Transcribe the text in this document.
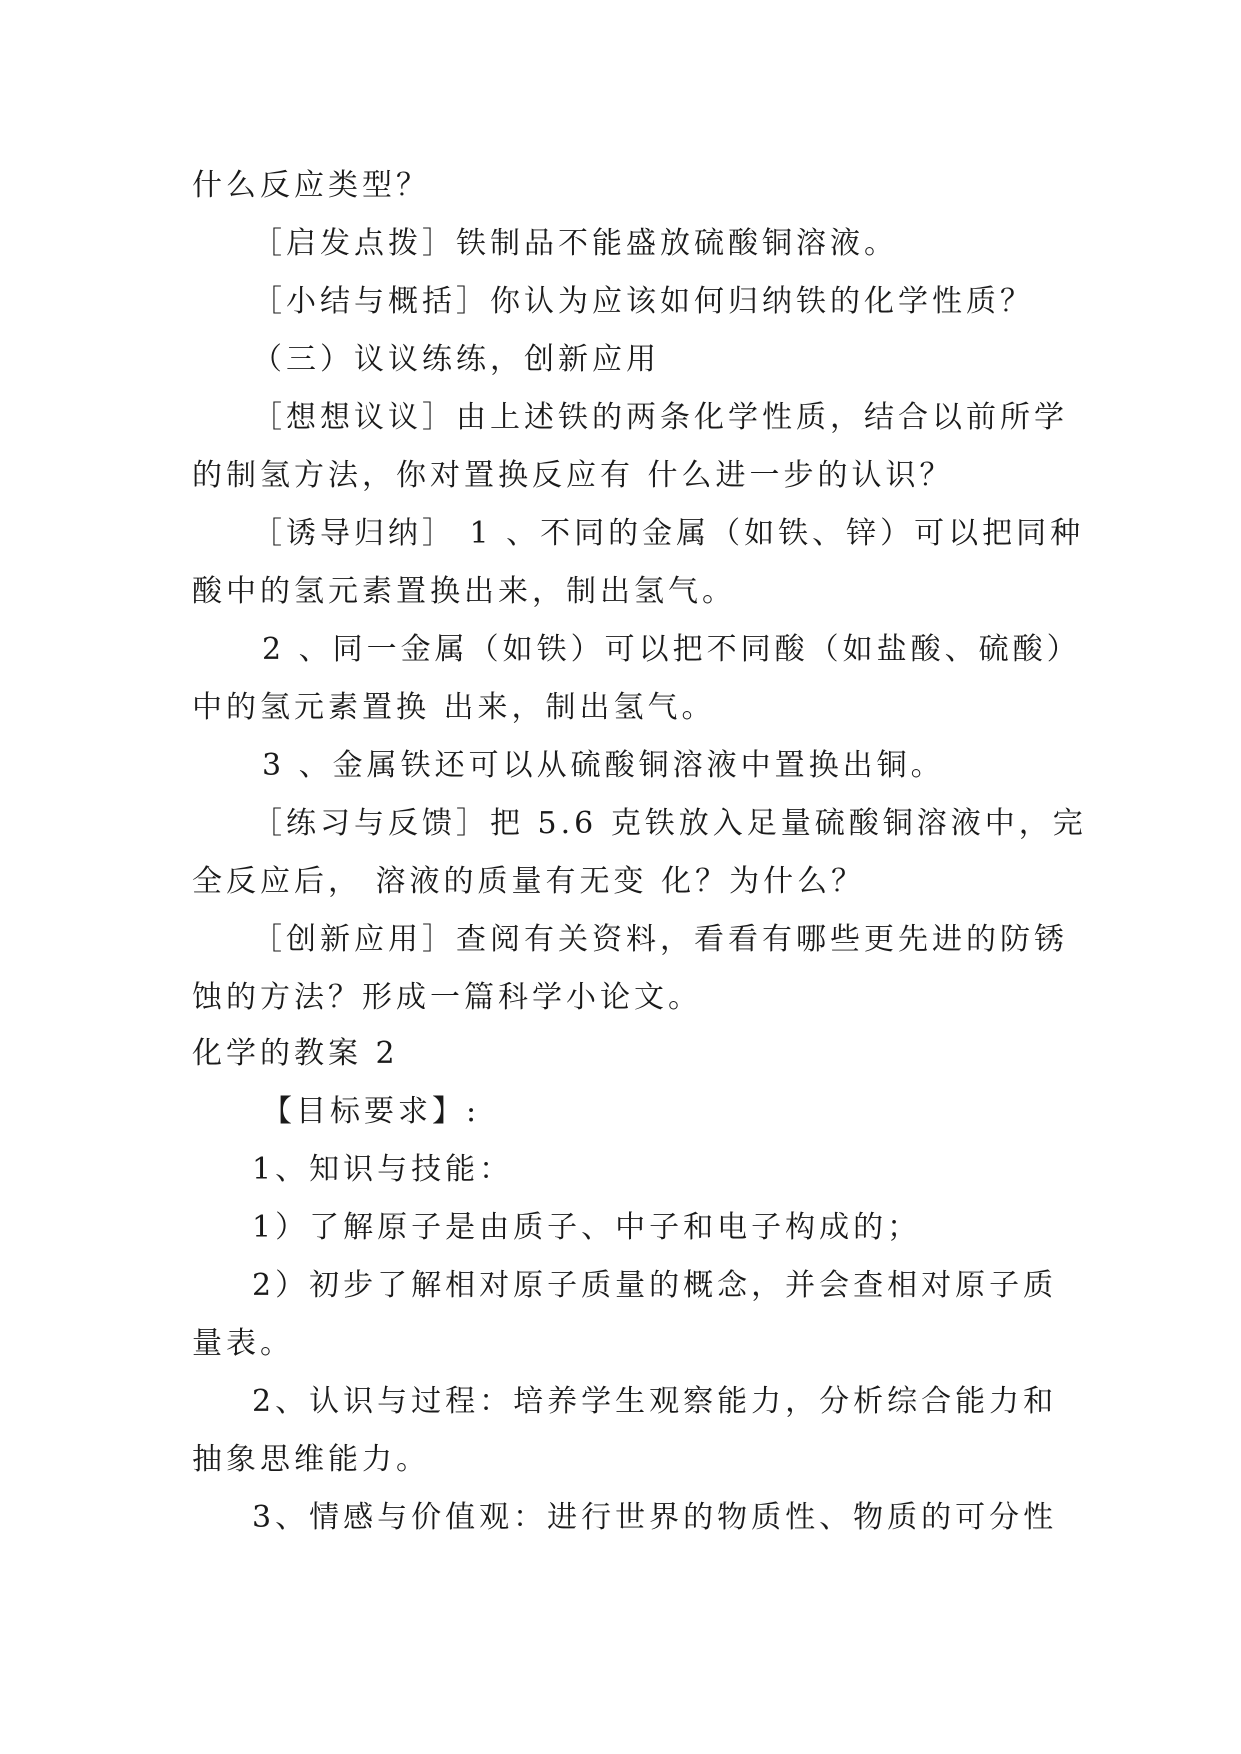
什么反应类型？
［启发点拨］铁制品不能盛放硫酸铜溶液。
［小结与概括］你认为应该如何归纳铁的化学性质？
（三）议议练练，创新应用
［想想议议］由上述铁的两条化学性质，结合以前所学
的制氢方法，你对置换反应有 什么进一步的认识？
［诱导归纳］ 1 、不同的金属（如铁、锌）可以把同种
酸中的氢元素置换出来，制出氢气。
2 、同一金属（如铁）可以把不同酸（如盐酸、硫酸）
中的氢元素置换 出来，制出氢气。
3 、金属铁还可以从硫酸铜溶液中置换出铜。
［练习与反馈］把 5.6 克铁放入足量硫酸铜溶液中，完
全反应后， 溶液的质量有无变 化？为什么？
［创新应用］查阅有关资料，看看有哪些更先进的防锈
蚀的方法？形成一篇科学小论文。
化学的教案 2
【目标要求】:
1、知识与技能：
1）了解原子是由质子、中子和电子构成的；
2）初步了解相对原子质量的概念，并会查相对原子质
量表。
2、认识与过程：培养学生观察能力，分析综合能力和
抽象思维能力。
3、情感与价值观：进行世界的物质性、物质的可分性
